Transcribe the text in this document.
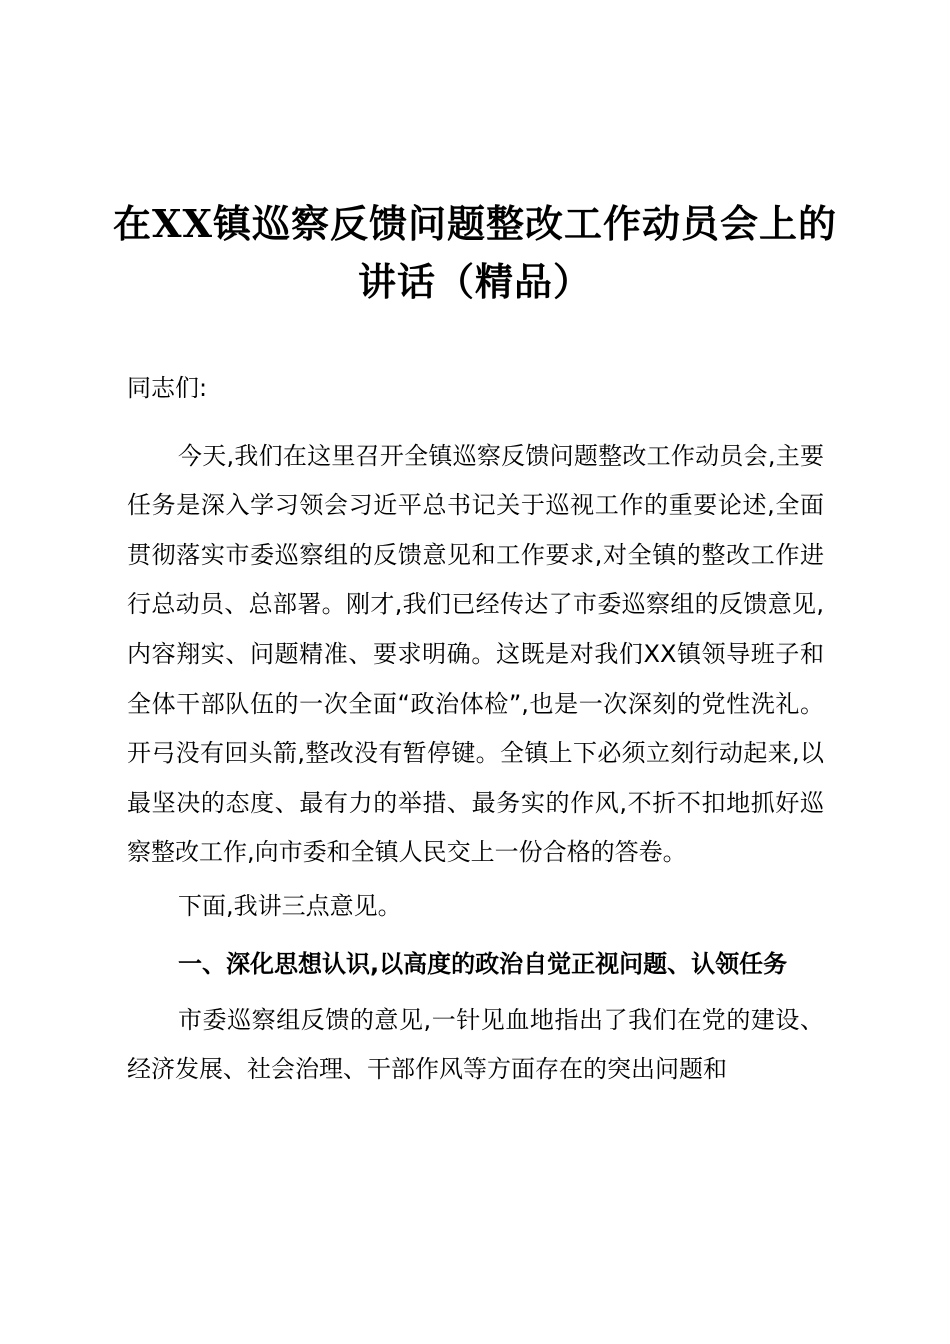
在XX镇巡察反馈问题整改工作动员会上的讲话（精品）

同志们:

今天,我们在这里召开全镇巡察反馈问题整改工作动员会,主要任务是深入学习领会习近平总书记关于巡视工作的重要论述,全面贯彻落实市委巡察组的反馈意见和工作要求,对全镇的整改工作进行总动员、总部署。刚才,我们已经传达了市委巡察组的反馈意见,内容翔实、问题精准、要求明确。这既是对我们XX镇领导班子和全体干部队伍的一次全面“政治体检”,也是一次深刻的党性洗礼。开弓没有回头箭,整改没有暂停键。全镇上下必须立刻行动起来,以最坚决的态度、最有力的举措、最务实的作风,不折不扣地抓好巡察整改工作,向市委和全镇人民交上一份合格的答卷。

下面,我讲三点意见。

一、深化思想认识,以高度的政治自觉正视问题、认领任务

市委巡察组反馈的意见,一针见血地指出了我们在党的建设、经济发展、社会治理、干部作风等方面存在的突出问题和
